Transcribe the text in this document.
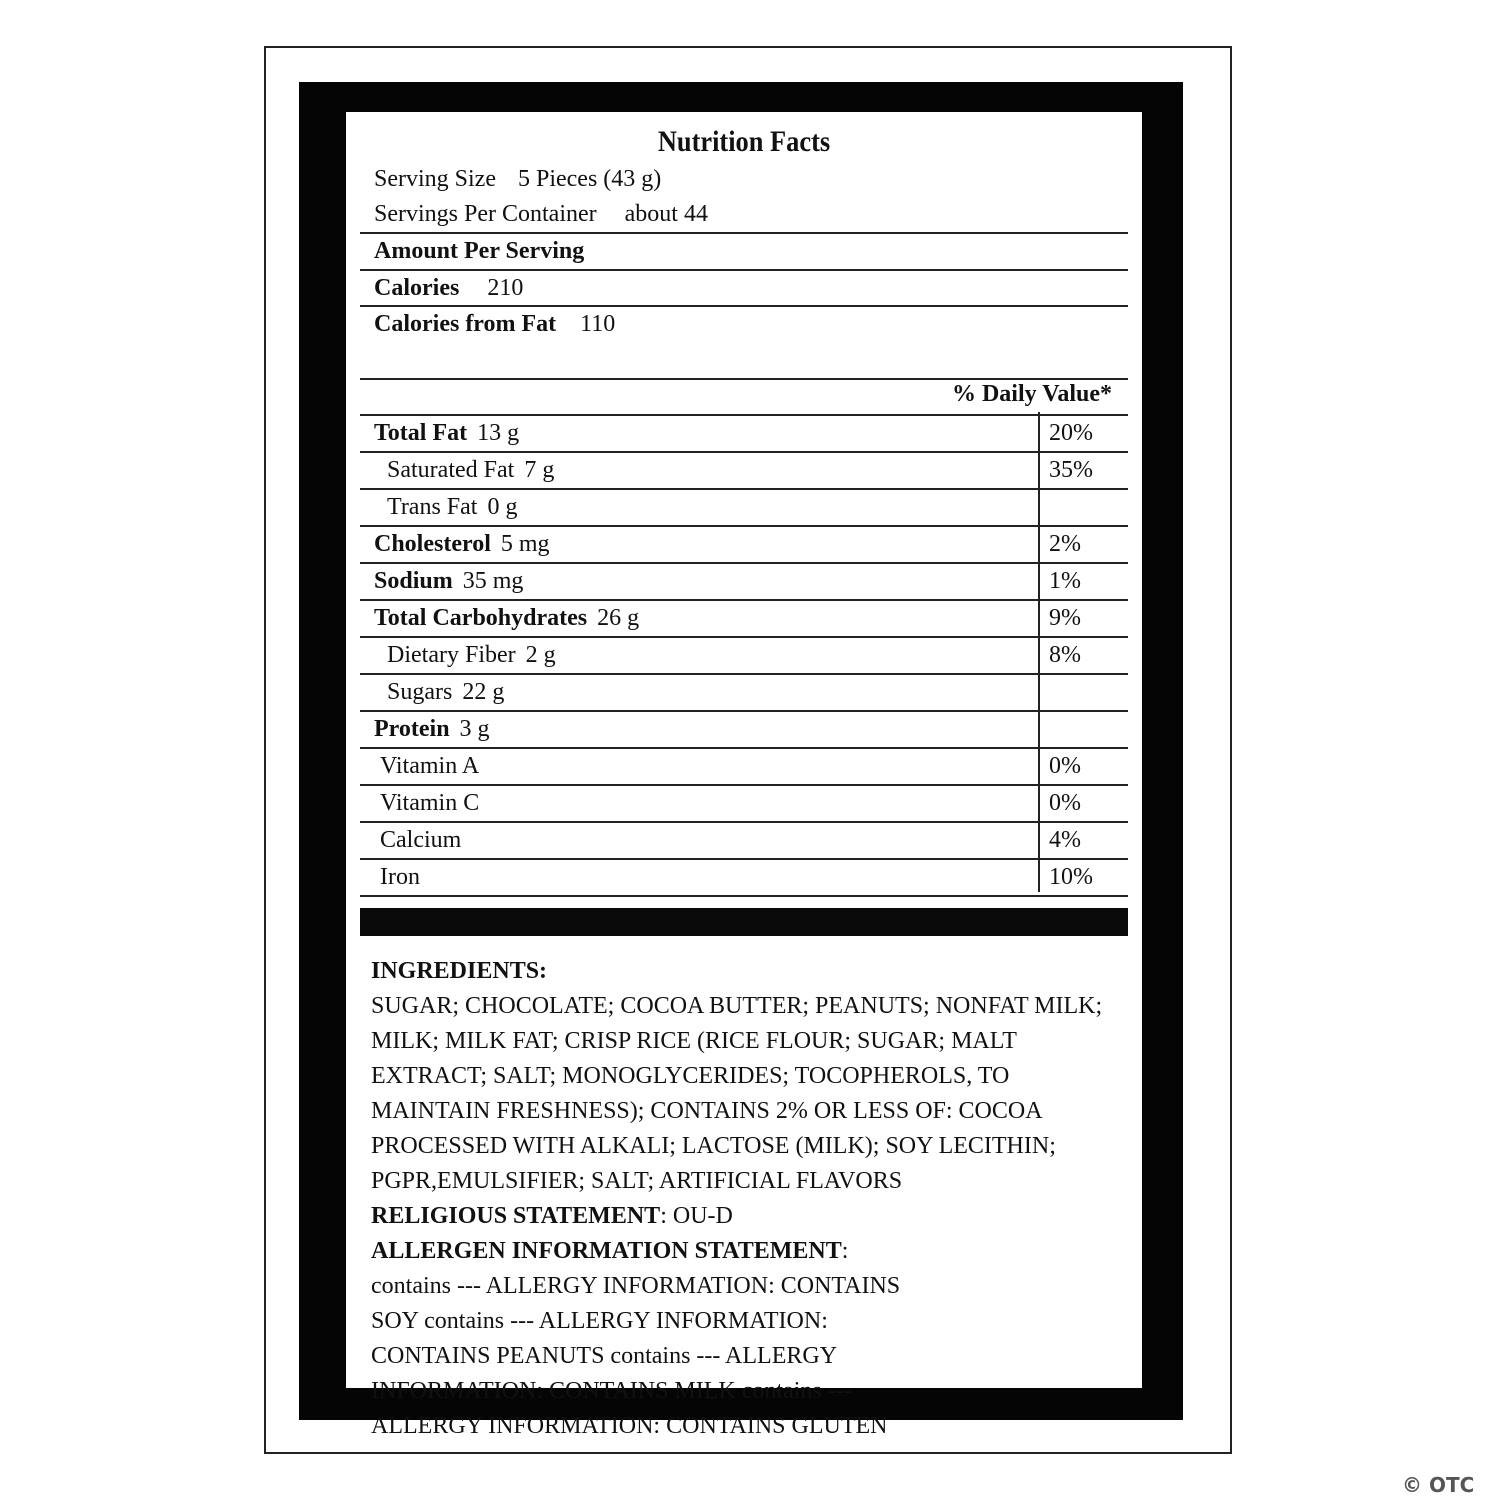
Nutrition Facts
Serving Size 5 Pieces (43 g)
Servings Per Container about 44
Amount Per Serving
Calories 210
Calories from Fat 110
% Daily Value*
Total Fat 13 g	20%
Saturated Fat 7 g	35%
Trans Fat 0 g
Cholesterol 5 mg	2%
Sodium 35 mg	1%
Total Carbohydrates 26 g	9%
Dietary Fiber 2 g	8%
Sugars 22 g
Protein 3 g
Vitamin A	0%
Vitamin C	0%
Calcium	4%
Iron	10%

INGREDIENTS:

SUGAR; CHOCOLATE; COCOA BUTTER; PEANUTS; NONFAT MILK; MILK; MILK FAT; CRISP RICE (RICE FLOUR; SUGAR; MALT EXTRACT; SALT; MONOGLYCERIDES; TOCOPHEROLS, TO MAINTAIN FRESHNESS); CONTAINS 2% OR LESS OF: COCOA PROCESSED WITH ALKALI; LACTOSE (MILK); SOY LECITHIN; PGPR,EMULSIFIER; SALT; ARTIFICIAL FLAVORS

RELIGIOUS STATEMENT: OU-D

ALLERGEN INFORMATION STATEMENT:

contains --- ALLERGY INFORMATION: CONTAINS SOY contains --- ALLERGY INFORMATION: CONTAINS PEANUTS contains --- ALLERGY INFORMATION: CONTAINS MILK contains --- ALLERGY INFORMATION: CONTAINS GLUTEN

© OTC
